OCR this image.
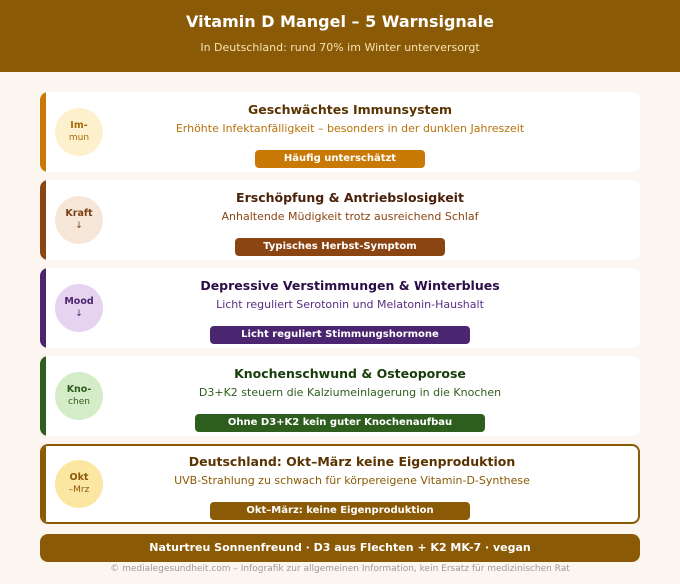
Vitamin D Mangel – 5 Warnsignale
In Deutschland: rund 70% im Winter unterversorgt
Im-
mun
Geschwächtes Immunsystem
Erhöhte Infektanfälligkeit – besonders in der dunklen Jahreszeit
Häufig unterschätzt
Kraft
↓
Erschöpfung & Antriebslosigkeit
Anhaltende Müdigkeit trotz ausreichend Schlaf
Typisches Herbst-Symptom
Mood
↓
Depressive Verstimmungen & Winterblues
Licht reguliert Serotonin und Melatonin-Haushalt
Licht reguliert Stimmungshormone
Kno-
chen
Knochenschwund & Osteoporose
D3+K2 steuern die Kalziumeinlagerung in die Knochen
Ohne D3+K2 kein guter Knochenaufbau
Okt
–Mrz
Deutschland: Okt–März keine Eigenproduktion
UVB-Strahlung zu schwach für körpereigene Vitamin-D-Synthese
Okt–März: keine Eigenproduktion
Naturtreu Sonnenfreund · D3 aus Flechten + K2 MK-7 · vegan
© medialegesundheit.com – Infografik zur allgemeinen Information, kein Ersatz für medizinischen Rat
